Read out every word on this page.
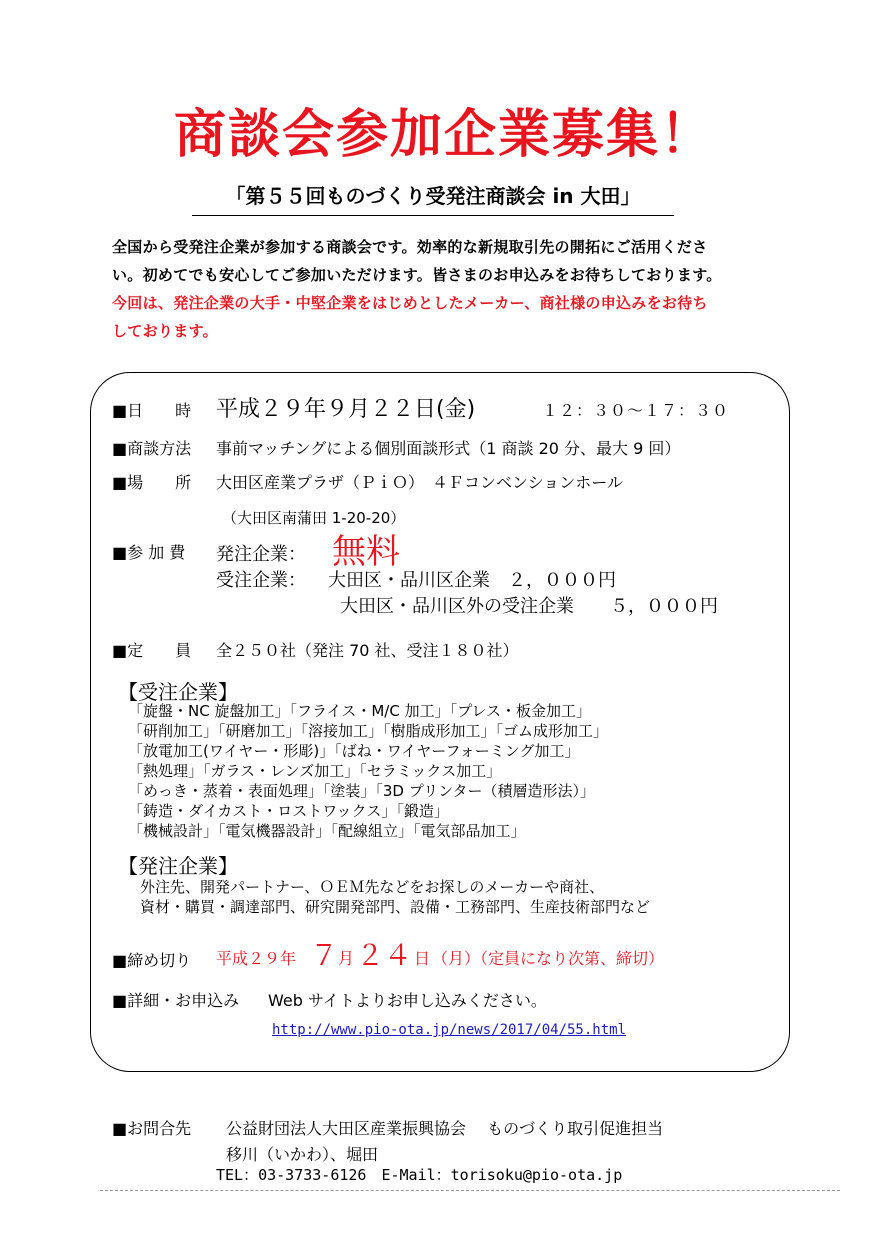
商談会参加企業募集！
「第５５回ものづくり受発注商談会 in 大田」
全国から受発注企業が参加する商談会です。効率的な新規取引先の開拓にご活用くださ
い。初めてでも安心してご参加いただけます。皆さまのお申込みをお待ちしております。
今回は、発注企業の大手・中堅企業をはじめとしたメーカー、商社様の申込みをお待ち
しております。
■日　　時 平成２９年９月２２日(金)	１２：３０～１７：３０
■商談方法 事前マッチングによる個別面談形式（1 商談 20 分、最大 9 回）
■場　　所 大田区産業プラザ（ＰｉＯ）　４Ｆコンベンションホール
（大田区南蒲田 1-20-20）
■参 加 費 発注企業： 無料
受注企業： 大田区・品川区企業　２，０００円
大田区・品川区外の受注企業　　５，０００円
■定　　員 全２５０社（発注 70 社、受注１８０社）
【受注企業】
「旋盤・NC 旋盤加工」「フライス・M/C 加工」「プレス・板金加工」
「研削加工」「研磨加工」「溶接加工」「樹脂成形加工」「ゴム成形加工」
「放電加工(ワイヤー・形彫)」「ばね・ワイヤーフォーミング加工」
「熱処理」「ガラス・レンズ加工」「セラミックス加工」
「めっき・蒸着・表面処理」「塗装」「3D プリンター（積層造形法）」
「鋳造・ダイカスト・ロストワックス」「鍛造」
「機械設計」「電気機器設計」「配線組立」「電気部品加工」
【発注企業】
外注先、開発パートナー、ＯＥＭ先などをお探しのメーカーや商社、
資材・購買・調達部門、研究開発部門、設備・工務部門、生産技術部門など
■締め切り 平成２９年 ７ 月 ２４ 日 （月）（定員になり次第、締切）
■詳細・お申込み Web サイトよりお申し込みください。
http://www.pio-ota.jp/news/2017/04/55.html
■お問合先 公益財団法人大田区産業振興協会　 ものづくり取引促進担当
移川（いかわ）、堀田
TEL：03-3733-6126　E-Mail：torisoku@pio-ota.jp
